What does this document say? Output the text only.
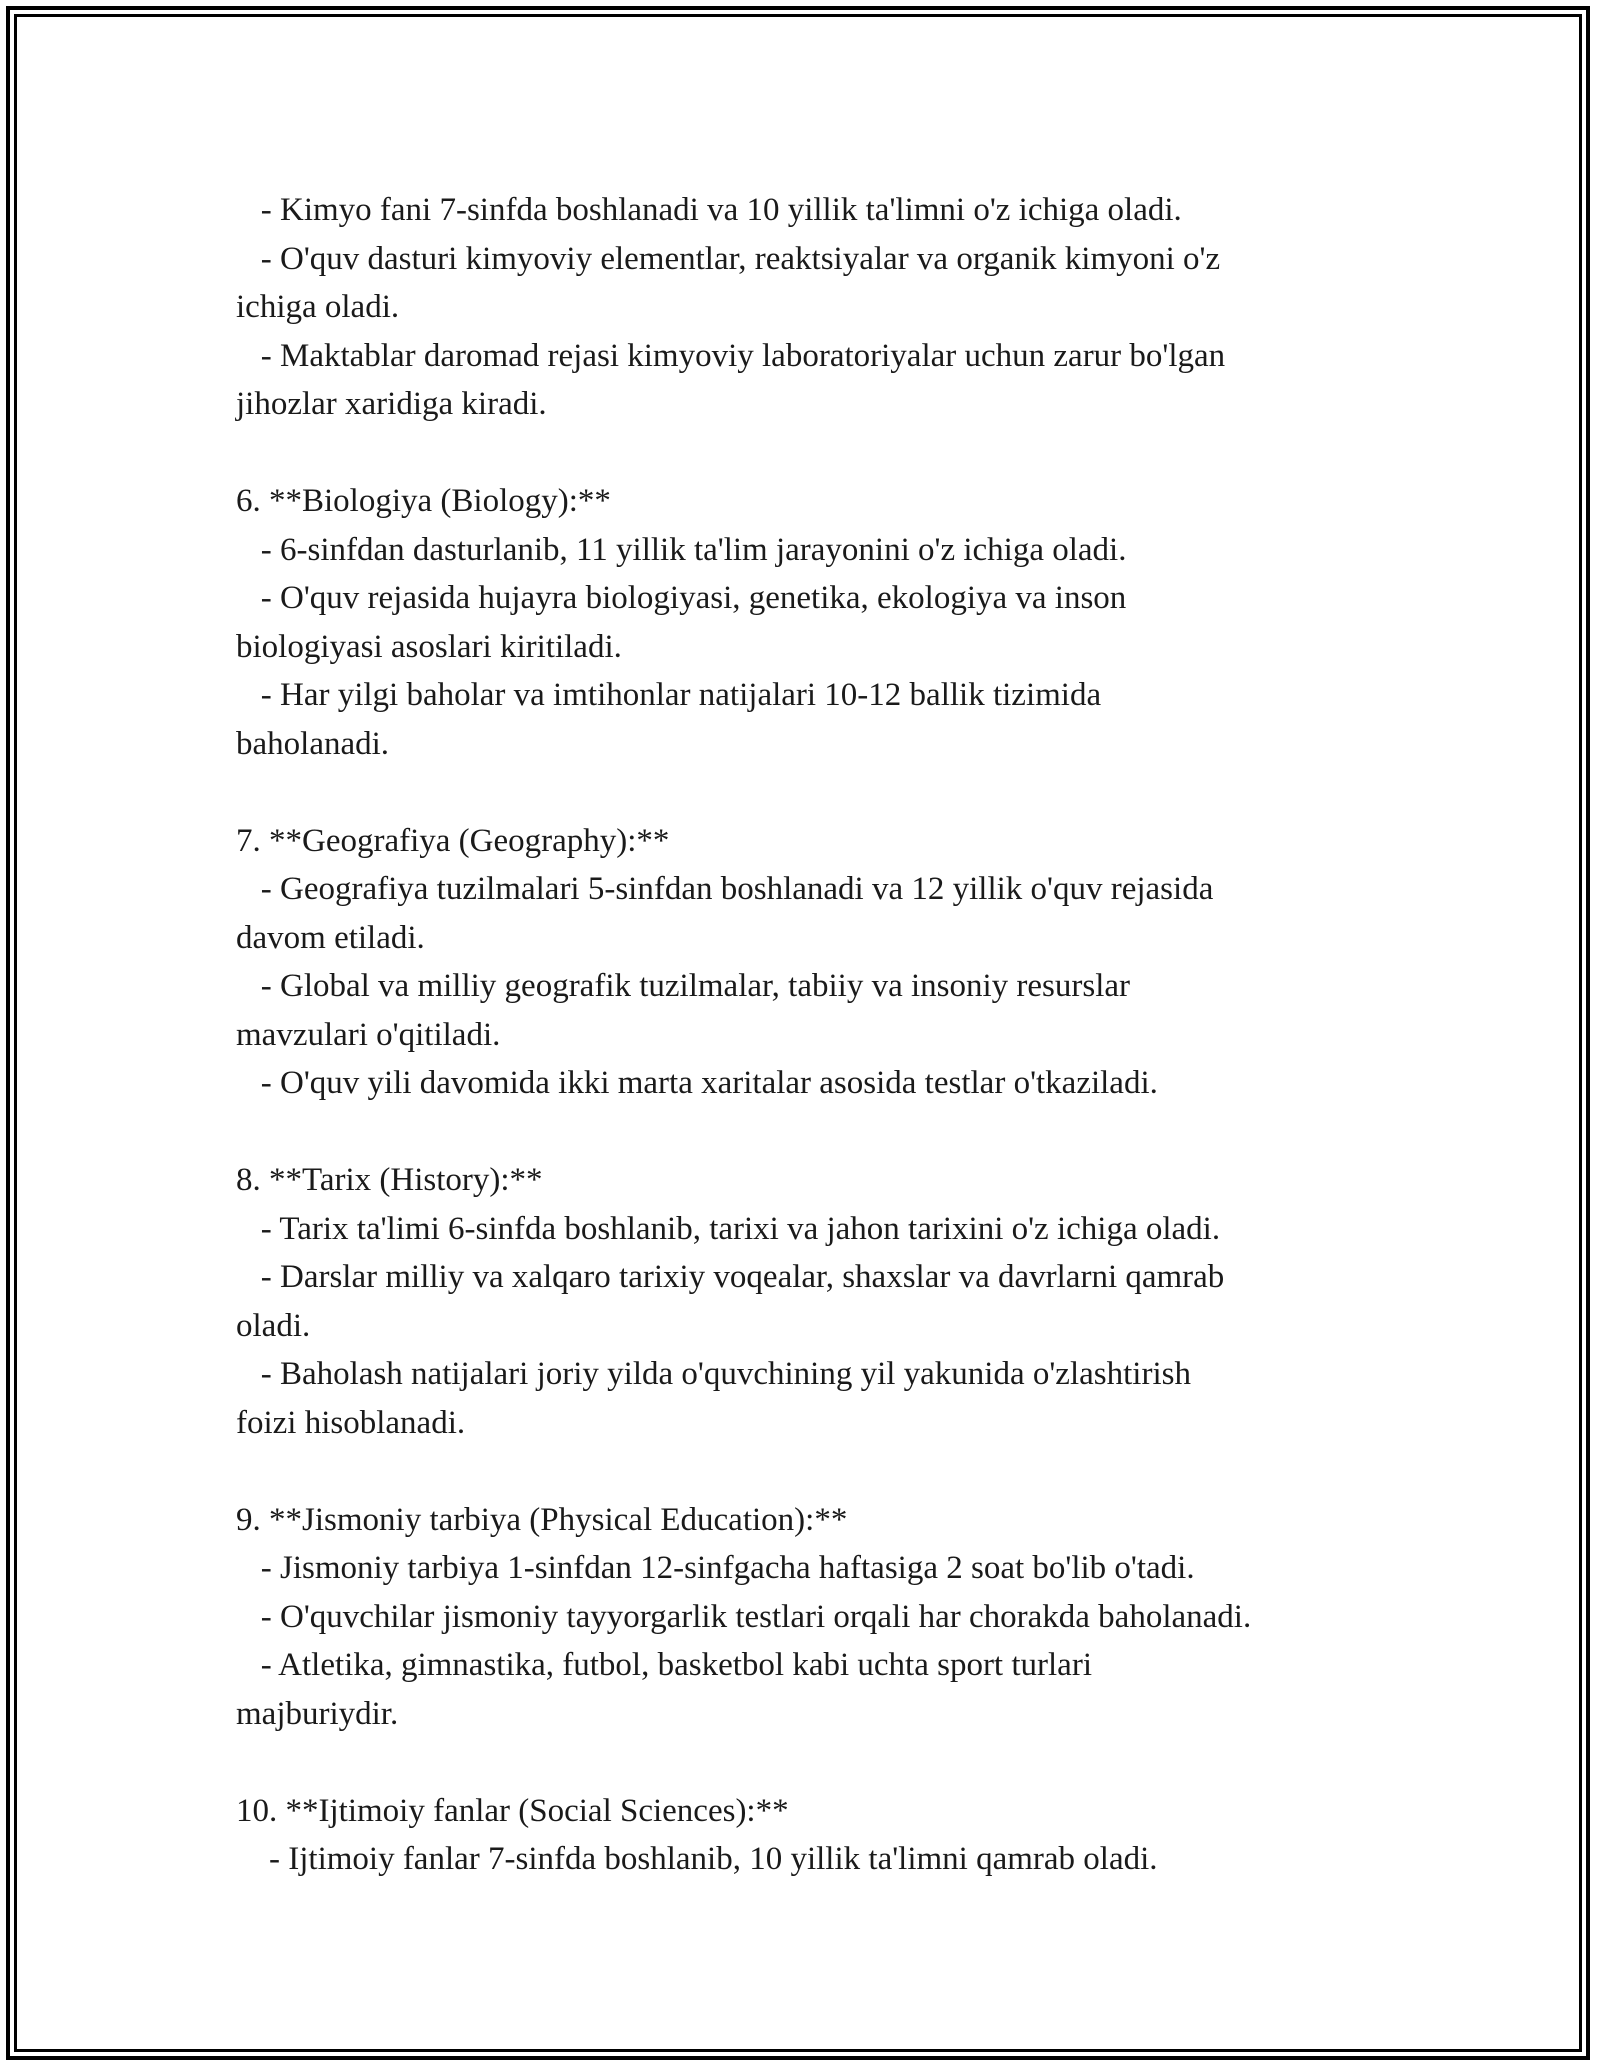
- Kimyo fani 7-sinfda boshlanadi va 10 yillik ta'limni o'z ichiga oladi.
- O'quv dasturi kimyoviy elementlar, reaktsiyalar va organik kimyoni o'z
ichiga oladi.
- Maktablar daromad rejasi kimyoviy laboratoriyalar uchun zarur bo'lgan
jihozlar xaridiga kiradi.
6. **Biologiya (Biology):**
- 6-sinfdan dasturlanib, 11 yillik ta'lim jarayonini o'z ichiga oladi.
- O'quv rejasida hujayra biologiyasi, genetika, ekologiya va inson
biologiyasi asoslari kiritiladi.
- Har yilgi baholar va imtihonlar natijalari 10-12 ballik tizimida
baholanadi.
7. **Geografiya (Geography):**
- Geografiya tuzilmalari 5-sinfdan boshlanadi va 12 yillik o'quv rejasida
davom etiladi.
- Global va milliy geografik tuzilmalar, tabiiy va insoniy resurslar
mavzulari o'qitiladi.
- O'quv yili davomida ikki marta xaritalar asosida testlar o'tkaziladi.
8. **Tarix (History):**
- Tarix ta'limi 6-sinfda boshlanib, tarixi va jahon tarixini o'z ichiga oladi.
- Darslar milliy va xalqaro tarixiy voqealar, shaxslar va davrlarni qamrab
oladi.
- Baholash natijalari joriy yilda o'quvchining yil yakunida o'zlashtirish
foizi hisoblanadi.
9. **Jismoniy tarbiya (Physical Education):**
- Jismoniy tarbiya 1-sinfdan 12-sinfgacha haftasiga 2 soat bo'lib o'tadi.
- O'quvchilar jismoniy tayyorgarlik testlari orqali har chorakda baholanadi.
- Atletika, gimnastika, futbol, basketbol kabi uchta sport turlari
majburiydir.
10. **Ijtimoiy fanlar (Social Sciences):**
- Ijtimoiy fanlar 7-sinfda boshlanib, 10 yillik ta'limni qamrab oladi.
